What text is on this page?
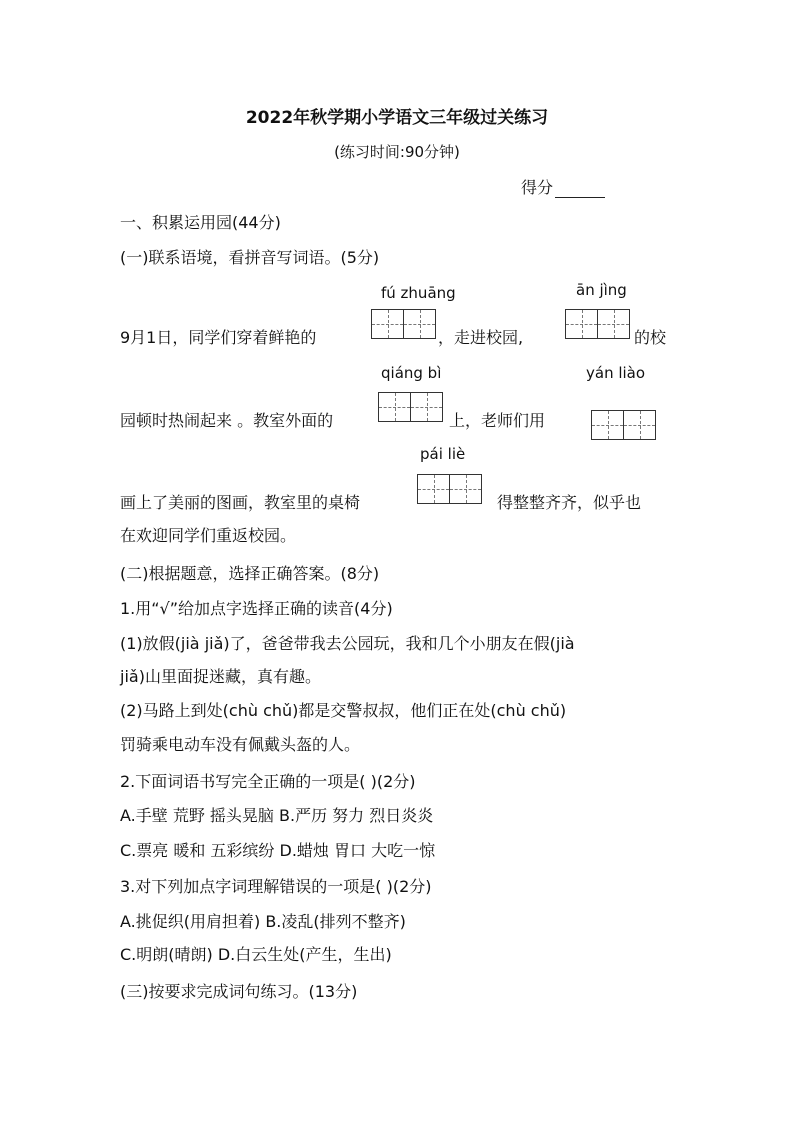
2022年秋学期小学语文三年级过关练习
(练习时间:90分钟)
得分
一、积累运用园(44分)
(一)联系语境，看拼音写词语。(5分)
fú zhuāng	ān jìng
9月1日，同学们穿着鲜艳的	，走进校园,	的校
qiáng bì	yán liào
园顿时热闹起来 。教室外面的	上，老师们用
pái liè
画上了美丽的图画，教室里的桌椅	得整整齐齐，似乎也
在欢迎同学们重返校园。
(二)根据题意，选择正确答案。(8分)
1.用“√”给加点字选择正确的读音(4分)
(1)放假(jià jiǎ)了，爸爸带我去公园玩，我和几个小朋友在假(jià
jiǎ)山里面捉迷藏，真有趣。
(2)马路上到处(chù chǔ)都是交警叔叔，他们正在处(chù chǔ)
罚骑乘电动车没有佩戴头盔的人。
2.下面词语书写完全正确的一项是( )(2分)
A.手壁 荒野 摇头晃脑 B.严历 努力 烈日炎炎
C.票亮 暖和 五彩缤纷 D.蜡烛 胃口 大吃一惊
3.对下列加点字词理解错误的一项是( )(2分)
A.挑促织(用肩担着) B.凌乱(排列不整齐)
C.明朗(晴朗) D.白云生处(产生，生出)
(三)按要求完成词句练习。(13分)
